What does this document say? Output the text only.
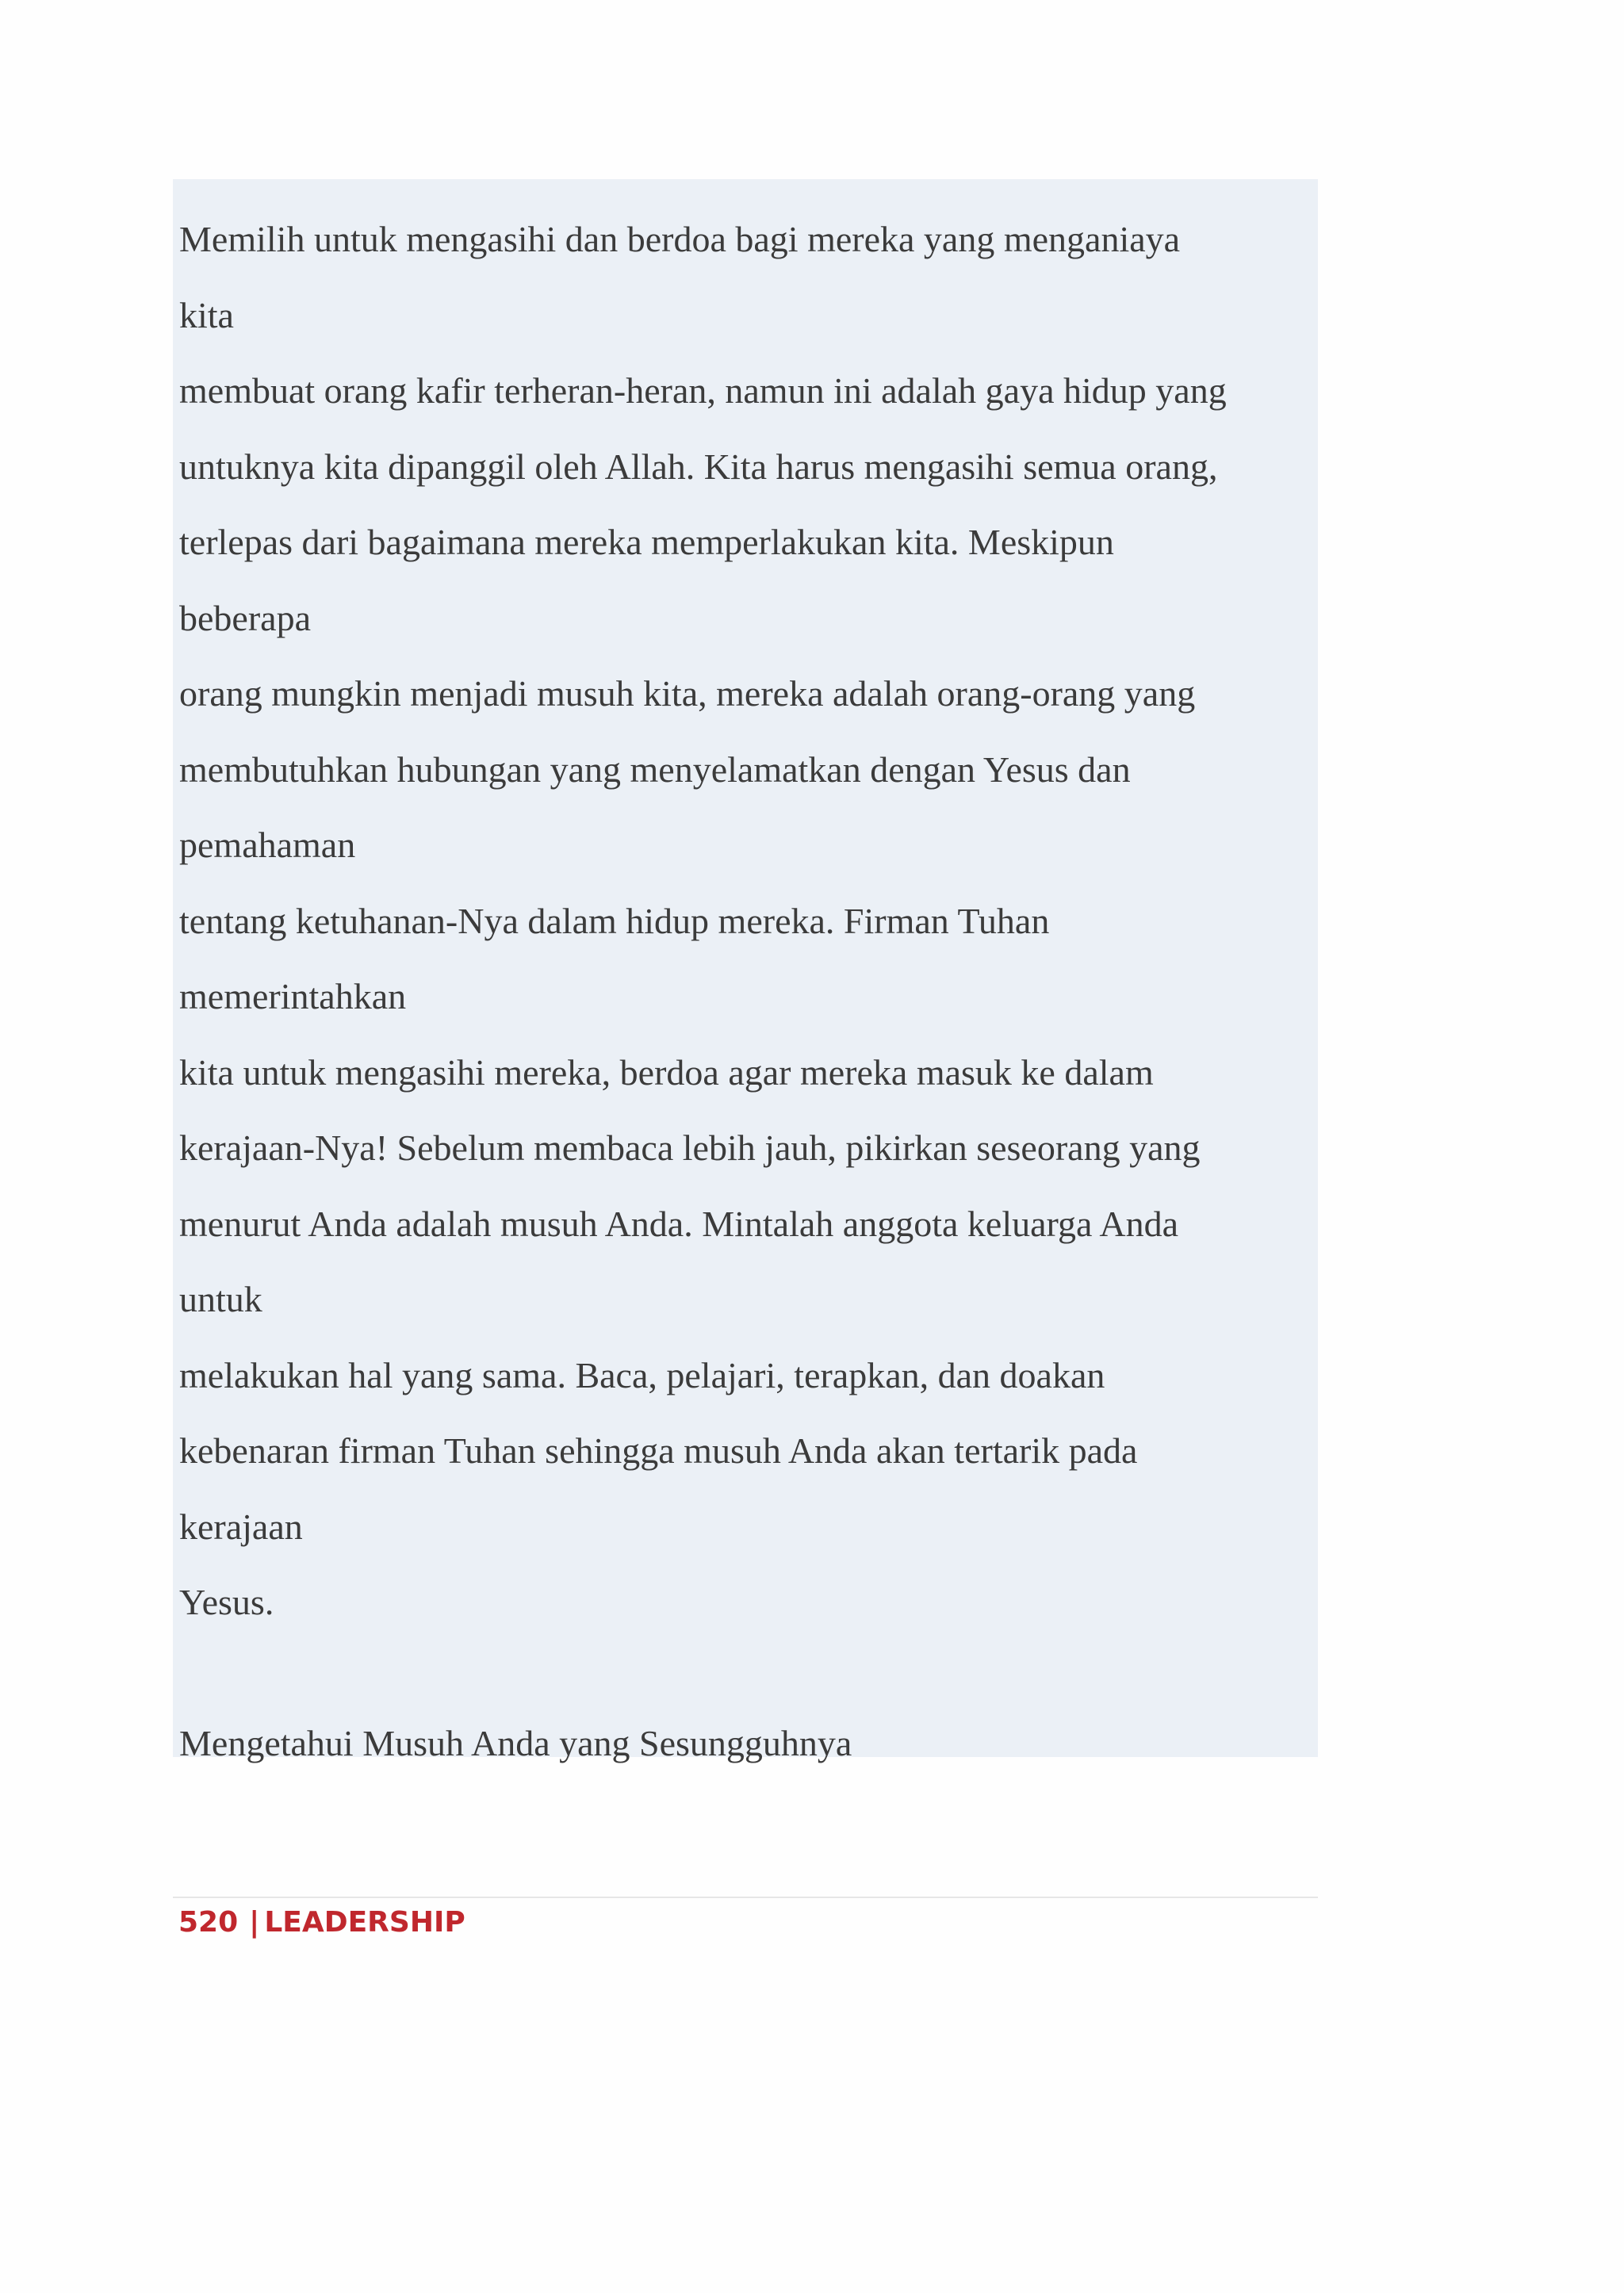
Memilih untuk mengasihi dan berdoa bagi mereka yang menganiaya

kita

membuat orang kafir terheran-heran, namun ini adalah gaya hidup yang

untuknya kita dipanggil oleh Allah. Kita harus mengasihi semua orang,

terlepas dari bagaimana mereka memperlakukan kita. Meskipun

beberapa

orang mungkin menjadi musuh kita, mereka adalah orang-orang yang

membutuhkan hubungan yang menyelamatkan dengan Yesus dan

pemahaman

tentang ketuhanan-Nya dalam hidup mereka. Firman Tuhan

memerintahkan

kita untuk mengasihi mereka, berdoa agar mereka masuk ke dalam

kerajaan-Nya! Sebelum membaca lebih jauh, pikirkan seseorang yang

menurut Anda adalah musuh Anda. Mintalah anggota keluarga Anda

untuk

melakukan hal yang sama. Baca, pelajari, terapkan, dan doakan

kebenaran firman Tuhan sehingga musuh Anda akan tertarik pada

kerajaan

Yesus.

Mengetahui Musuh Anda yang Sesungguhnya

520 | LEADERSHIP
